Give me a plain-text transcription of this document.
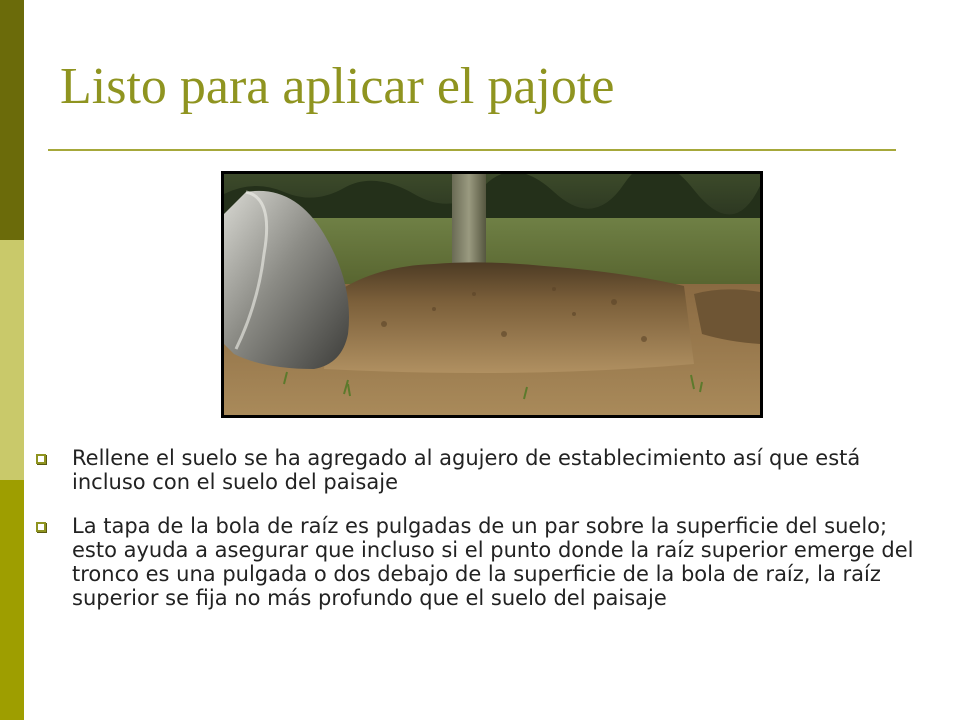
Listo para aplicar el pajote
Rellene el suelo se ha agregado al agujero de establecimiento así que está incluso con el suelo del paisaje
La tapa de la bola de raíz es pulgadas de un par sobre la superficie del suelo; esto ayuda a asegurar que incluso si el punto donde la raíz superior emerge del tronco es una pulgada o dos debajo de la superficie de la bola de raíz, la raíz superior se fija no más profundo que el suelo del paisaje
